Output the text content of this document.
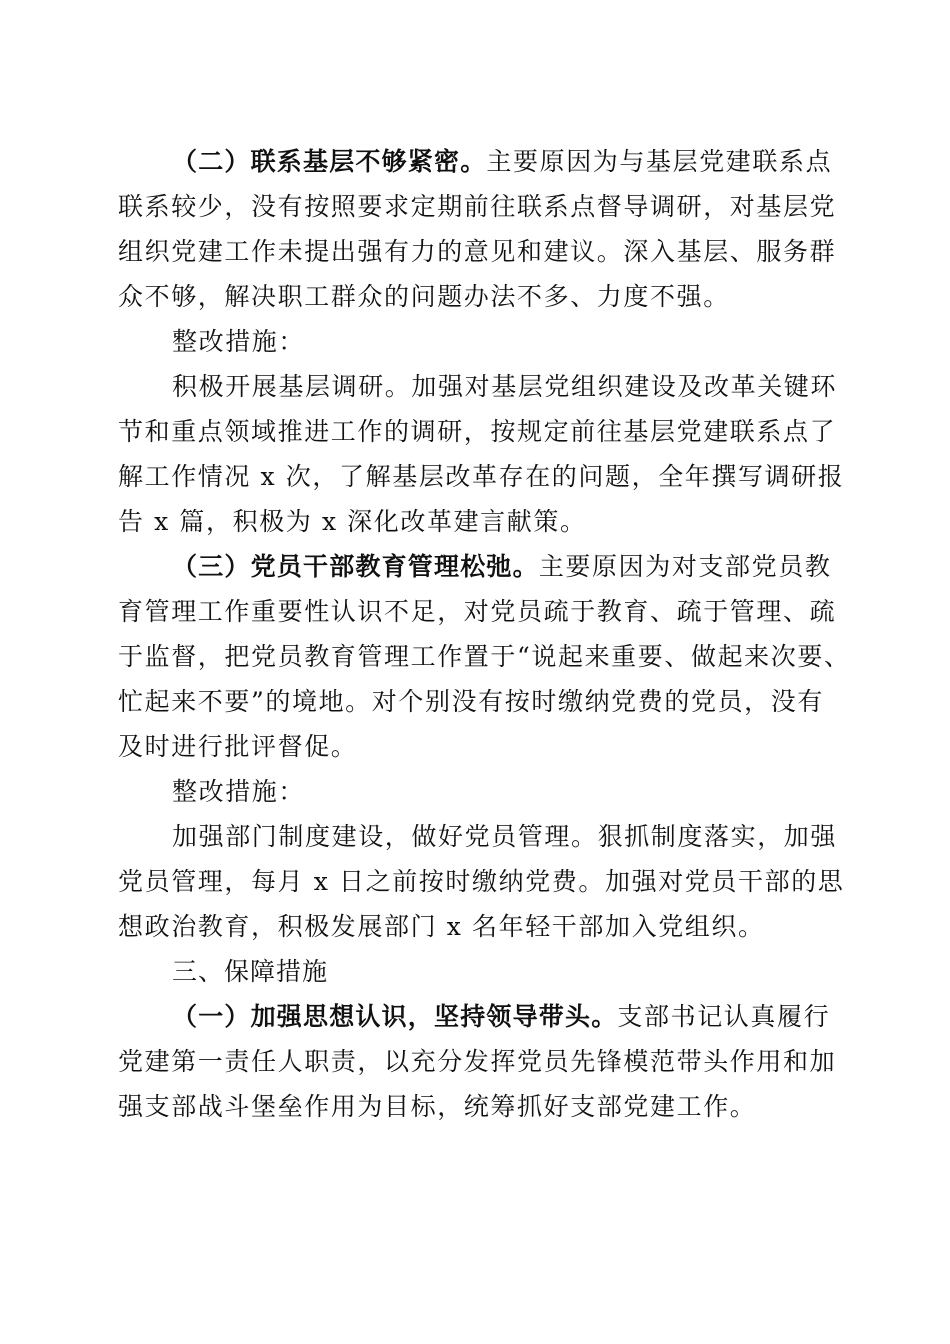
（二）联系基层不够紧密。主要原因为与基层党建联系点
联系较少，没有按照要求定期前往联系点督导调研，对基层党
组织党建工作未提出强有力的意见和建议。深入基层、服务群
众不够，解决职工群众的问题办法不多、力度不强。
整改措施：
积极开展基层调研。加强对基层党组织建设及改革关键环
节和重点领域推进工作的调研，按规定前往基层党建联系点了
解工作情况 x 次，了解基层改革存在的问题，全年撰写调研报
告 x 篇，积极为 x 深化改革建言献策。
（三）党员干部教育管理松弛。主要原因为对支部党员教
育管理工作重要性认识不足，对党员疏于教育、疏于管理、疏
于监督，把党员教育管理工作置于“说起来重要、做起来次要、
忙起来不要”的境地。对个别没有按时缴纳党费的党员，没有
及时进行批评督促。
整改措施：
加强部门制度建设，做好党员管理。狠抓制度落实，加强
党员管理，每月 x 日之前按时缴纳党费。加强对党员干部的思
想政治教育，积极发展部门 x 名年轻干部加入党组织。
三、保障措施
（一）加强思想认识，坚持领导带头。支部书记认真履行
党建第一责任人职责，以充分发挥党员先锋模范带头作用和加
强支部战斗堡垒作用为目标，统筹抓好支部党建工作。
